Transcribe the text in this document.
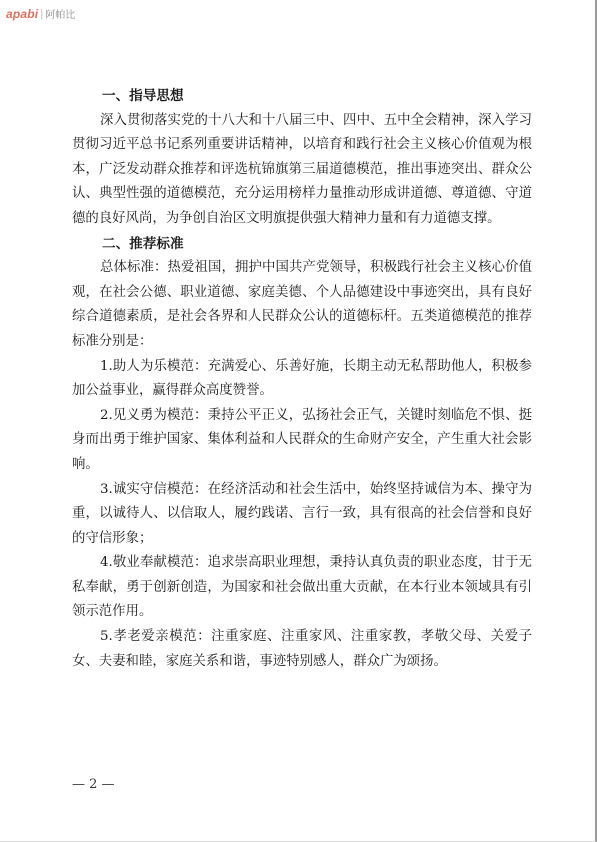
apabi | 阿帕比

一、指导思想

深入贯彻落实党的十八大和十八届三中、四中、五中全会精神，深入学习贯彻习近平总书记系列重要讲话精神，以培育和践行社会主义核心价值观为根本，广泛发动群众推荐和评选杭锦旗第三届道德模范，推出事迹突出、群众公认、典型性强的道德模范，充分运用榜样力量推动形成讲道德、尊道德、守道德的良好风尚，为争创自治区文明旗提供强大精神力量和有力道德支撑。

二、推荐标准

总体标准：热爱祖国，拥护中国共产党领导，积极践行社会主义核心价值观，在社会公德、职业道德、家庭美德、个人品德建设中事迹突出，具有良好综合道德素质，是社会各界和人民群众公认的道德标杆。五类道德模范的推荐标准分别是：

1.助人为乐模范：充满爱心、乐善好施，长期主动无私帮助他人，积极参加公益事业，赢得群众高度赞誉。

2.见义勇为模范：秉持公平正义，弘扬社会正气，关键时刻临危不惧、挺身而出勇于维护国家、集体利益和人民群众的生命财产安全，产生重大社会影响。

3.诚实守信模范：在经济活动和社会生活中，始终坚持诚信为本、操守为重，以诚待人、以信取人，履约践诺、言行一致，具有很高的社会信誉和良好的守信形象；

4.敬业奉献模范：追求崇高职业理想，秉持认真负责的职业态度，甘于无私奉献，勇于创新创造，为国家和社会做出重大贡献，在本行业本领域具有引领示范作用。

5.孝老爱亲模范：注重家庭、注重家风、注重家教，孝敬父母、关爱子女、夫妻和睦，家庭关系和谐，事迹特别感人，群众广为颂扬。

— 2 —
